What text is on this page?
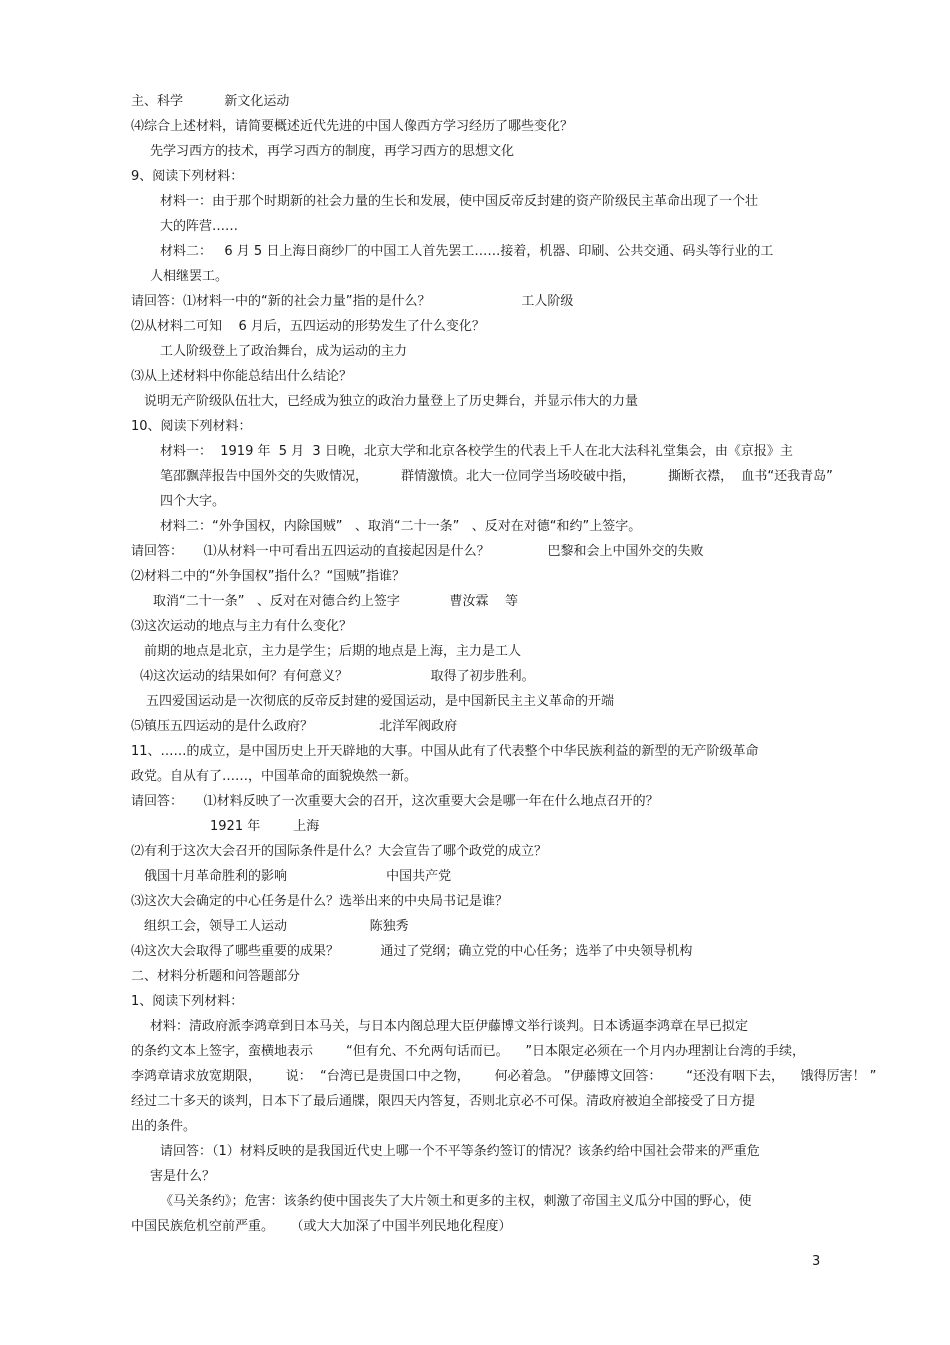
主、科学          新文化运动
⑷综合上述材料，请简要概述近代先进的中国人像西方学习经历了哪些变化？
先学习西方的技术，再学习西方的制度，再学习西方的思想文化
9、阅读下列材料：
材料一：由于那个时期新的社会力量的生长和发展，使中国反帝反封建的资产阶级民主革命出现了一个壮
大的阵营……
材料二：   6 月 5 日上海日商纱厂的中国工人首先罢工……接着，机器、印刷、公共交通、码头等行业的工
人相继罢工。
请回答：⑴材料一中的“新的社会力量”指的是什么？                      工人阶级
⑵从材料二可知    6 月后，五四运动的形势发生了什么变化？
工人阶级登上了政治舞台，成为运动的主力
⑶从上述材料中你能总结出什么结论？
说明无产阶级队伍壮大，已经成为独立的政治力量登上了历史舞台，并显示伟大的力量
10、阅读下列材料：
材料一：  1919 年  5 月  3 日晚，北京大学和北京各校学生的代表上千人在北大法科礼堂集会，由《京报》主
笔邵飘萍报告中国外交的失败情况，        群情激愤。北大一位同学当场咬破中指，        撕断衣襟，  血书“还我青岛”
四个大字。
材料二：“外争国权，内除国贼”   、取消“二十一条”   、反对在对德“和约”上签字。
请回答：     ⑴从材料一中可看出五四运动的直接起因是什么？              巴黎和会上中国外交的失败
⑵材料二中的“外争国权”指什么？“国贼”指谁？
取消“二十一条”   、反对在对德合约上签字            曹汝霖    等
⑶这次运动的地点与主力有什么变化？
前期的地点是北京，主力是学生；后期的地点是上海，主力是工人
⑷这次运动的结果如何？有何意义？                    取得了初步胜利。
五四爱国运动是一次彻底的反帝反封建的爱国运动，是中国新民主主义革命的开端
⑸镇压五四运动的是什么政府？                北洋军阀政府
11、……的成立，是中国历史上开天辟地的大事。中国从此有了代表整个中华民族利益的新型的无产阶级革命
政党。自从有了……，中国革命的面貌焕然一新。
请回答：     ⑴材料反映了一次重要大会的召开，这次重要大会是哪一年在什么地点召开的？
1921 年        上海
⑵有利于这次大会召开的国际条件是什么？大会宣告了哪个政党的成立？
俄国十月革命胜利的影响                        中国共产党
⑶这次大会确定的中心任务是什么？选举出来的中央局书记是谁？
组织工会，领导工人运动                    陈独秀
⑷这次大会取得了哪些重要的成果？          通过了党纲；确立党的中心任务；选举了中央领导机构
二、材料分析题和问答题部分
1、阅读下列材料：
材料：清政府派李鸿章到日本马关，与日本内阁总理大臣伊藤博文举行谈判。日本诱逼李鸿章在早已拟定
的条约文本上签字，蛮横地表示        “但有允、不允两句话而已。    ”日本限定必须在一个月内办理割让台湾的手续，
李鸿章请求放宽期限，      说：  “台湾已是贵国口中之物，      何必着急。 ”伊藤博文回答：      “还没有咽下去，    饿得厉害！ ”
经过二十多天的谈判，日本下了最后通牒，限四天内答复，否则北京必不可保。清政府被迫全部接受了日方提
出的条件。
请回答：（1）材料反映的是我国近代史上哪一个不平等条约签订的情况？该条约给中国社会带来的严重危
害是什么？
《马关条约》；危害：该条约使中国丧失了大片领土和更多的主权，刺激了帝国主义瓜分中国的野心，使
中国民族危机空前严重。    （或大大加深了中国半列民地化程度）
3
